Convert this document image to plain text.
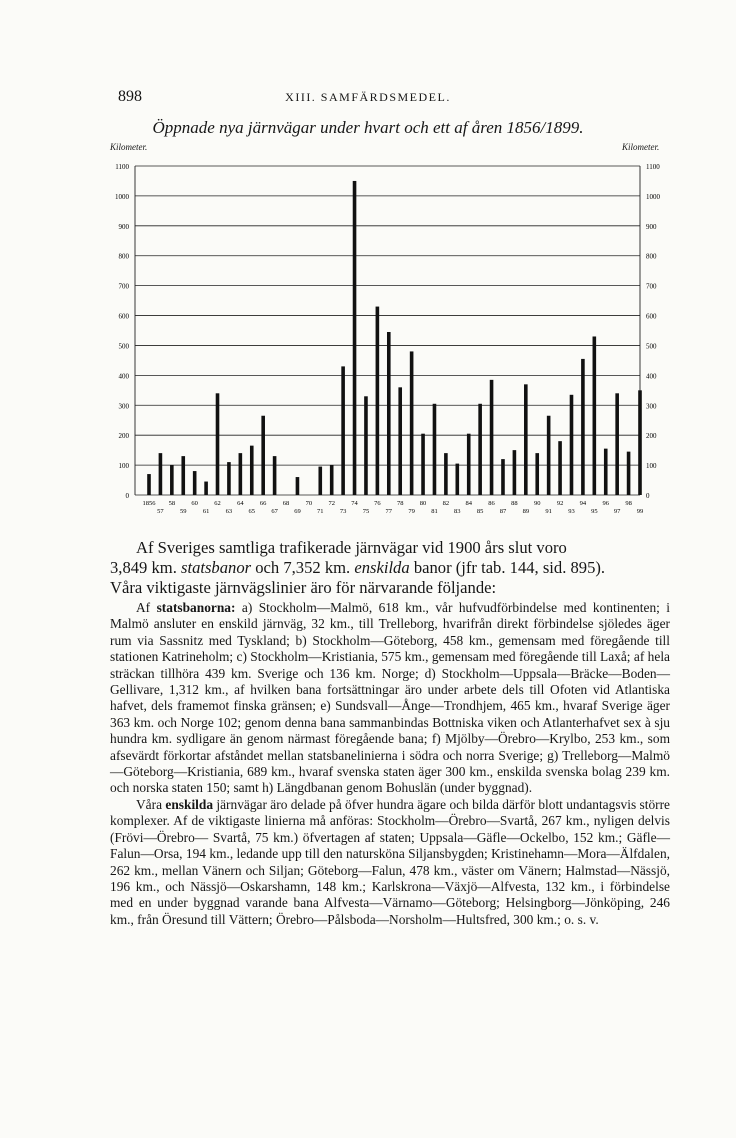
898	XIII. SAMFÄRDSMEDEL.
Öppnade nya järnvägar under hvart och ett af åren 1856/1899.
Kilometer.	Kilometer.
0	0
100	100
200	200
300	300
400	400
500	500
600	600
700	700
800	800
900	900
1000	1000
1100	1100
1856 58	60	62	64	66	68	70	72	74	76	78	80	82	84	86	88	90	92	94	96	98
57	59	61	63	65	67	69	71	73	75	77	79	81	83	85	87	89	91	93	95	97	99

Af Sveriges samtliga trafikerade järnvägar vid 1900 års slut voro

3,849 km. statsbanor och 7,352 km. enskilda banor (jfr tab. 144, sid. 895).

Våra viktigaste järnvägslinier äro för närvarande följande:

Af statsbanorna: a) Stockholm—Malmö, 618 km., vår hufvudförbindelse med kontinenten; i Malmö ansluter en enskild järnväg, 32 km., till Trelleborg, hvarifrån direkt förbindelse sjöledes äger rum via Sassnitz med Tyskland; b) Stockholm—Göteborg, 458 km., gemensam med föregående till stationen Katrineholm; c) Stockholm—Kristiania, 575 km., gemensam med föregående till Laxå; af hela sträckan tillhöra 439 km. Sverige och 136 km. Norge; d) Stockholm—Uppsala—Bräcke—Boden—Gellivare, 1,312 km., af hvilken bana fortsättningar äro under arbete dels till Ofoten vid Atlantiska hafvet, dels framemot finska gränsen; e) Sundsvall—Ånge—Trondhjem, 465 km., hvaraf Sverige äger 363 km. och Norge 102; genom denna bana sammanbindas Bottniska viken och Atlanterhafvet sex à sju hundra km. sydligare än genom närmast föregående bana; f) Mjölby—Örebro—Krylbo, 253 km., som afsevärdt förkortar afståndet mellan statsbanelinierna i södra och norra Sverige; g) Trelleborg—Malmö—Göteborg—Kristiania, 689 km., hvaraf svenska staten äger 300 km., enskilda svenska bolag 239 km. och norska staten 150; samt h) Längdbanan genom Bohuslän (under byggnad).

Våra enskilda järnvägar äro delade på öfver hundra ägare och bilda därför blott undantagsvis större komplexer. Af de viktigaste linierna må anföras: Stockholm—Örebro—Svartå, 267 km., nyligen delvis (Frövi—Örebro— Svartå, 75 km.) öfvertagen af staten; Uppsala—Gäfle—Ockelbo, 152 km.; Gäfle—Falun—Orsa, 194 km., ledande upp till den natursköna Siljansbygden; Kristinehamn—Mora—Älfdalen, 262 km., mellan Vänern och Siljan; Göteborg—Falun, 478 km., väster om Vänern; Halmstad—Nässjö, 196 km., och Nässjö—Oskarshamn, 148 km.; Karlskrona—Växjö—Alfvesta, 132 km., i förbindelse med en under byggnad varande bana Alfvesta—Värnamo—Göteborg; Helsingborg—Jönköping, 246 km., från Öresund till Vättern; Örebro—Pålsboda—Norsholm—Hultsfred, 300 km.; o. s. v.
